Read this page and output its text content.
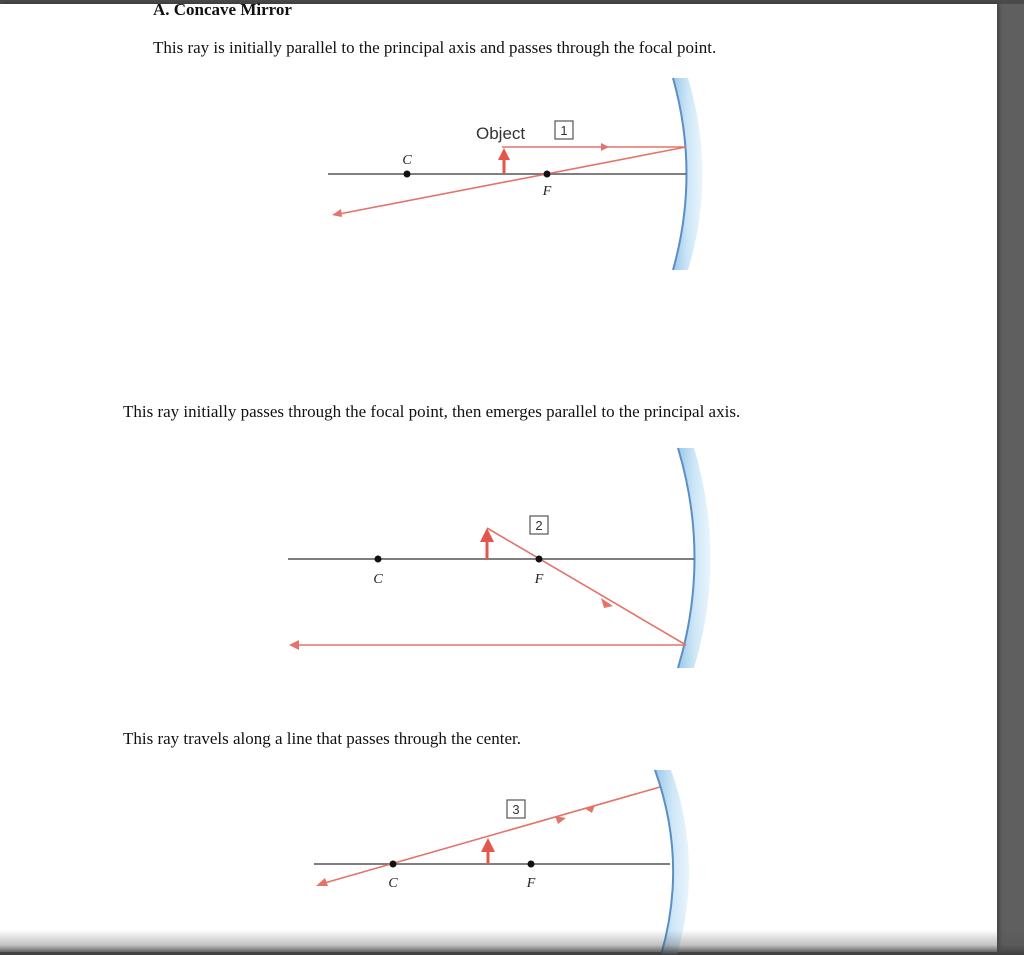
A. Concave Mirror
This ray is initially parallel to the principal axis and passes through the focal point.
This ray initially passes through the focal point, then emerges parallel to the principal axis.
This ray travels along a line that passes through the center.
C
F
Object	1
C	F
2
C	F
3
